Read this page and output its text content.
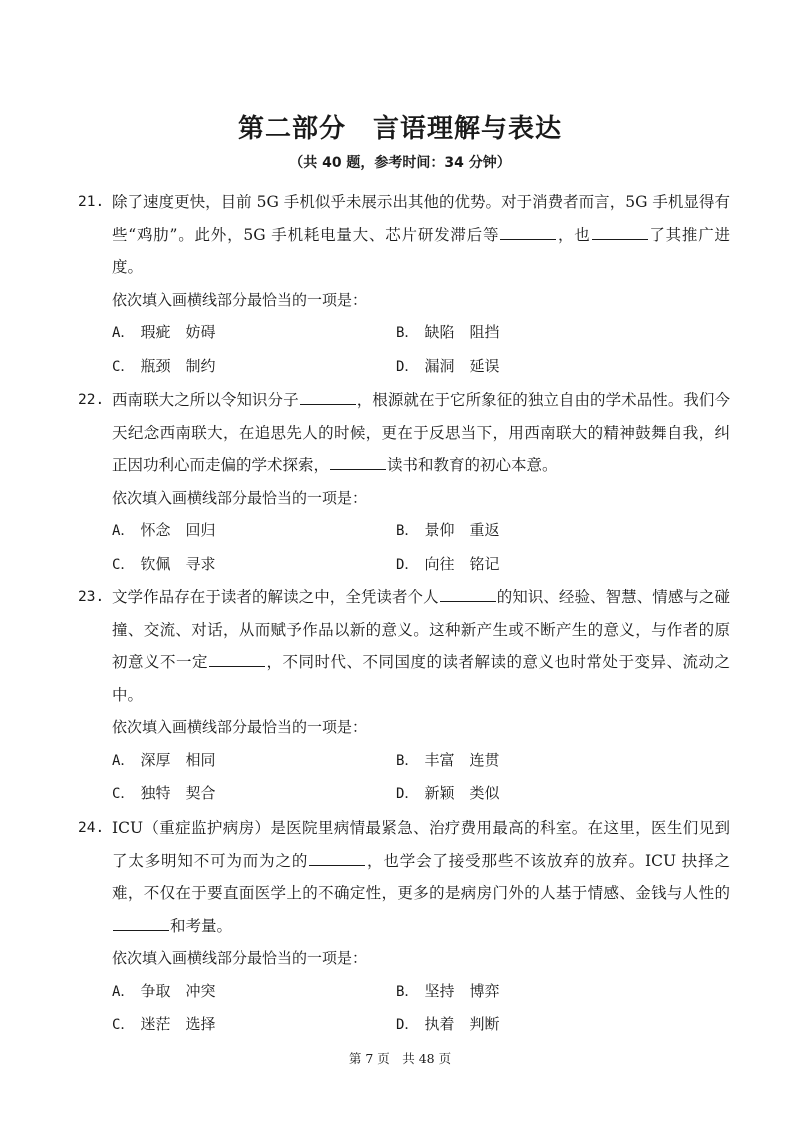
第二部分　言语理解与表达
（共 40 题，参考时间：34 分钟）
21. 除了速度更快，目前 5G 手机似乎未展示出其他的优势。对于消费者而言，5G 手机显得有些“鸡肋”。此外，5G 手机耗电量大、芯片研发滞后等	，也	了其推广进度。
依次填入画横线部分最恰当的一项是：
A． 瑕疵　妨碍	B． 缺陷　阻挡
C． 瓶颈　制约	D． 漏洞　延误
22. 西南联大之所以令知识分子	，根源就在于它所象征的独立自由的学术品性。我们今天纪念西南联大，在追思先人的时候，更在于反思当下，用西南联大的精神鼓舞自我，纠正因功利心而走偏的学术探索，	读书和教育的初心本意。
依次填入画横线部分最恰当的一项是：
A． 怀念　回归	B． 景仰　重返
C． 钦佩　寻求	D． 向往　铭记
23. 文学作品存在于读者的解读之中，全凭读者个人	的知识、经验、智慧、情感与之碰撞、交流、对话，从而赋予作品以新的意义。这种新产生或不断产生的意义，与作者的原初意义不一定	，不同时代、不同国度的读者解读的意义也时常处于变异、流动之中。
依次填入画横线部分最恰当的一项是：
A． 深厚　相同	B． 丰富　连贯
C． 独特　契合	D． 新颖　类似
24. ICU（重症监护病房）是医院里病情最紧急、治疗费用最高的科室。在这里，医生们见到了太多明知不可为而为之的	，也学会了接受那些不该放弃的放弃。ICU 抉择之难，不仅在于要直面医学上的不确定性，更多的是病房门外的人基于情感、金钱与人性的和考量。
依次填入画横线部分最恰当的一项是：
A． 争取　冲突	B． 坚持　博弈
C． 迷茫　选择	D． 执着　判断
第 7 页　共 48 页
